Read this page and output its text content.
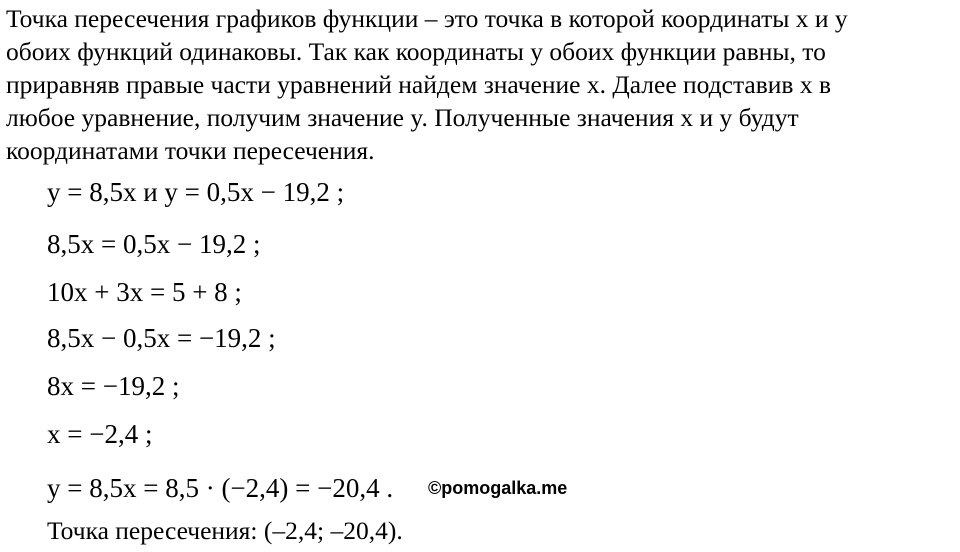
Точка пересечения графиков функции – это точка в которой координаты x и y

обоих функций одинаковы. Так как координаты y обоих функции равны, то

приравняв правые части уравнений найдем значение x. Далее подставив x в

любое уравнение, получим значение y. Полученные значения x и y будут

координатами точки пересечения.

y = 8,5x и y = 0,5x − 19,2 ;
8,5x = 0,5x − 19,2 ;
10x + 3x = 5 + 8 ;
8,5x − 0,5x = −19,2 ;
8x = −19,2 ;
x = −2,4 ;
y = 8,5x = 8,5 · (−2,4) = −20,4 . ©pomogalka.me
Точка пересечения: (–2,4; –20,4).
